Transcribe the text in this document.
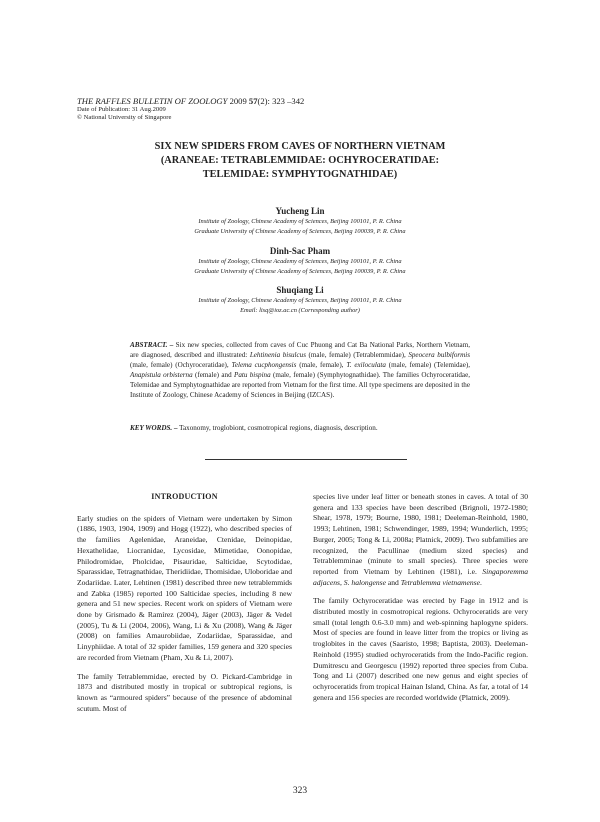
THE RAFFLES BULLETIN OF ZOOLOGY 2009 57(2): 323 –342
Date of Publication: 31 Aug.2009
© National University of Singapore
SIX NEW SPIDERS FROM CAVES OF NORTHERN VIETNAM
(ARANEAE: TETRABLEMMIDAE: OCHYROCERATIDAE:
TELEMIDAE: SYMPHYTOGNATHIDAE)
Yucheng Lin
Institute of Zoology, Chinese Academy of Sciences, Beijing 100101, P. R. China
Graduate University of Chinese Academy of Sciences, Beijing 100039, P. R. China
Dinh-Sac Pham
Institute of Zoology, Chinese Academy of Sciences, Beijing 100101, P. R. China
Graduate University of Chinese Academy of Sciences, Beijing 100039, P. R. China
Shuqiang Li
Institute of Zoology, Chinese Academy of Sciences, Beijing 100101, P. R. China
Email: lisq@ioz.ac.cn (Corresponding author)
ABSTRACT. – Six new species, collected from caves of Cuc Phuong and Cat Ba National Parks, Northern Vietnam, are diagnosed, described and illustrated: Lehtinenia bisulcus (male, female) (Tetrablemmidae), Speocera bulbiformis (male, female) (Ochyroceratidae), Telema cucphongensis (male, female), T. exiloculata (male, female) (Telemidae), Anapistula orbisterna (female) and Patu bispina (male, female) (Symphytognathidae). The families Ochyroceratidae, Telemidae and Symphytognathidae are reported from Vietnam for the first time. All type specimens are deposited in the Institute of Zoology, Chinese Academy of Sciences in Beijing (IZCAS).
KEY WORDS. – Taxonomy, troglobiont, cosmotropical regions, diagnosis, description.
INTRODUCTION

Early studies on the spiders of Vietnam were undertaken by Simon (1886, 1903, 1904, 1909) and Hogg (1922), who described species of the families Agelenidae, Araneidae, Ctenidae, Deinopidae, Hexathelidae, Liocranidae, Lycosidae, Mimetidae, Oonopidae, Philodromidae, Pholcidae, Pisauridae, Salticidae, Scytodidae, Sparassidae, Tetragnathidae, Theridiidae, Thomisidae, Uloboridae and Zodariidae. Later, Lehtinen (1981) described three new tetrablemmids and Zabka (1985) reported 100 Salticidae species, including 8 new genera and 51 new species. Recent work on spiders of Vietnam were done by Grismado & Ramírez (2004), Jäger (2003), Jäger & Vedel (2005), Tu & Li (2004, 2006), Wang, Li & Xu (2008), Wang & Jäger (2008) on families Amaurobiidae, Zodariidae, Sparassidae, and Linyphiidae. A total of 32 spider families, 159 genera and 320 species are recorded from Vietnam (Pham, Xu & Li, 2007).

The family Tetrablemmidae, erected by O. Pickard-Cambridge in 1873 and distributed mostly in tropical or subtropical regions, is known as “armoured spiders” because of the presence of abdominal scutum. Most of

species live under leaf litter or beneath stones in caves. A total of 30 genera and 133 species have been described (Brignoli, 1972-1980; Shear, 1978, 1979; Bourne, 1980, 1981; Deeleman-Reinhold, 1980, 1993; Lehtinen, 1981; Schwendinger, 1989, 1994; Wunderlich, 1995; Burger, 2005; Tong & Li, 2008a; Platnick, 2009). Two subfamilies are recognized, the Pacullinae (medium sized species) and Tetrablemminae (minute to small species). Three species were reported from Vietnam by Lehtinen (1981), i.e. Singaporemma adjacens, S. halongense and Tetrablemma vietnamense.

The family Ochyroceratidae was erected by Fage in 1912 and is distributed mostly in cosmotropical regions. Ochyroceratids are very small (total length 0.6-3.0 mm) and web-spinning haplogyne spiders. Most of species are found in leave litter from the tropics or living as troglobites in the caves (Saaristo, 1998; Baptista, 2003). Deeleman-Reinhold (1995) studied ochyroceratids from the Indo-Pacific region. Dumitrescu and Georgescu (1992) reported three species from Cuba. Tong and Li (2007) described one new genus and eight species of ochyroceratids from tropical Hainan Island, China. As far, a total of 14 genera and 156 species are recorded worldwide (Platnick, 2009).

323
